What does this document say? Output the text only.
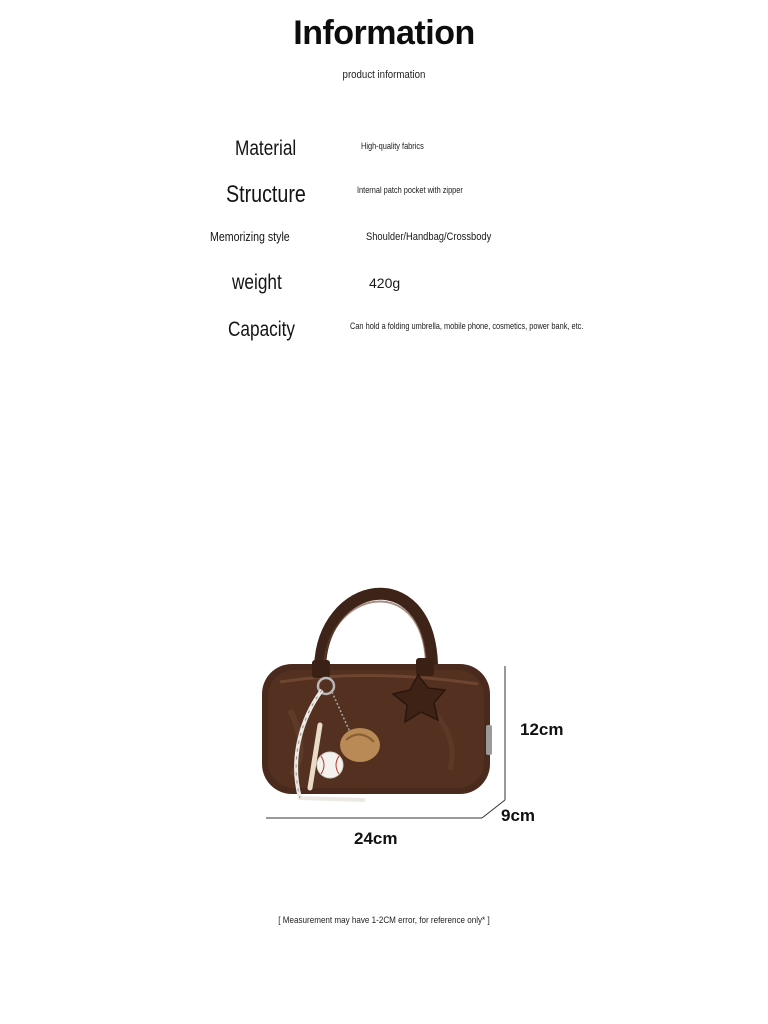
Information
product information
Material	High-quality fabrics
Structure	Internal patch pocket with zipper
Memorizing style	Shoulder/Handbag/Crossbody
weight	420g
Capacity	Can hold a folding umbrella, mobile phone, cosmetics, power bank, etc.
12cm
9cm
24cm
[ Measurement may have 1-2CM error, for reference only* ]
